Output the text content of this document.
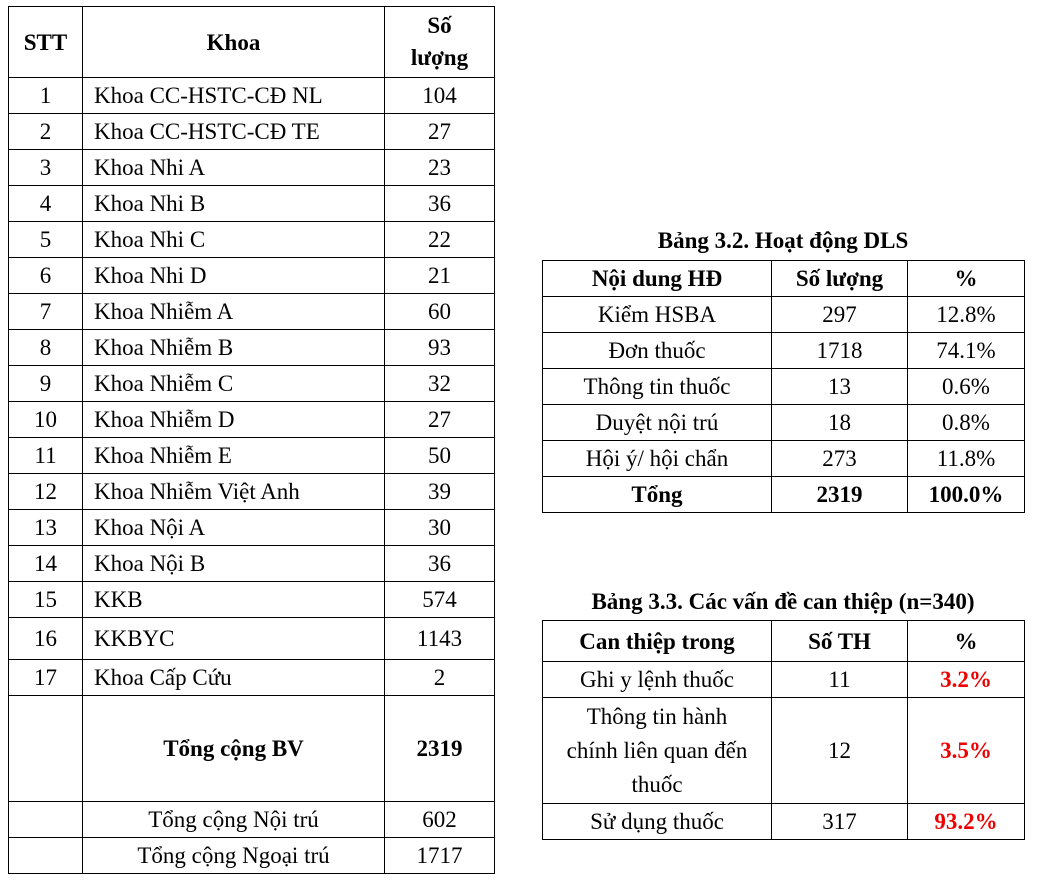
STT	Khoa	Số
lượng
1	Khoa CC-HSTC-CĐ NL	104
2	Khoa CC-HSTC-CĐ TE	27
3	Khoa Nhi A	23
4	Khoa Nhi B	36
5	Khoa Nhi C	22
6	Khoa Nhi D	21
7	Khoa Nhiễm A	60
8	Khoa Nhiễm B	93
9	Khoa Nhiễm C	32
10	Khoa Nhiễm D	27
11	Khoa Nhiễm E	50
12	Khoa Nhiễm Việt Anh	39
13	Khoa Nội A	30
14	Khoa Nội B	36
15	KKB	574
16	KKBYC	1143
17	Khoa Cấp Cứu	2
	Tổng cộng BV	2319
	Tổng cộng Nội trú	602
	Tổng cộng Ngoại trú	1717
Bảng 3.2. Hoạt động DLS
Nội dung HĐ	Số lượng	%
Kiểm HSBA	297	12.8%
Đơn thuốc	1718	74.1%
Thông tin thuốc	13	0.6%
Duyệt nội trú	18	0.8%
Hội ý/ hội chẩn	273	11.8%
Tổng	2319	100.0%
Bảng 3.3. Các vấn đề can thiệp (n=340)
Can thiệp trong	Số TH	%
Ghi y lệnh thuốc	11	3.2%
Thông tin hành
chính liên quan đến
thuốc	12	3.5%
Sử dụng thuốc	317	93.2%
